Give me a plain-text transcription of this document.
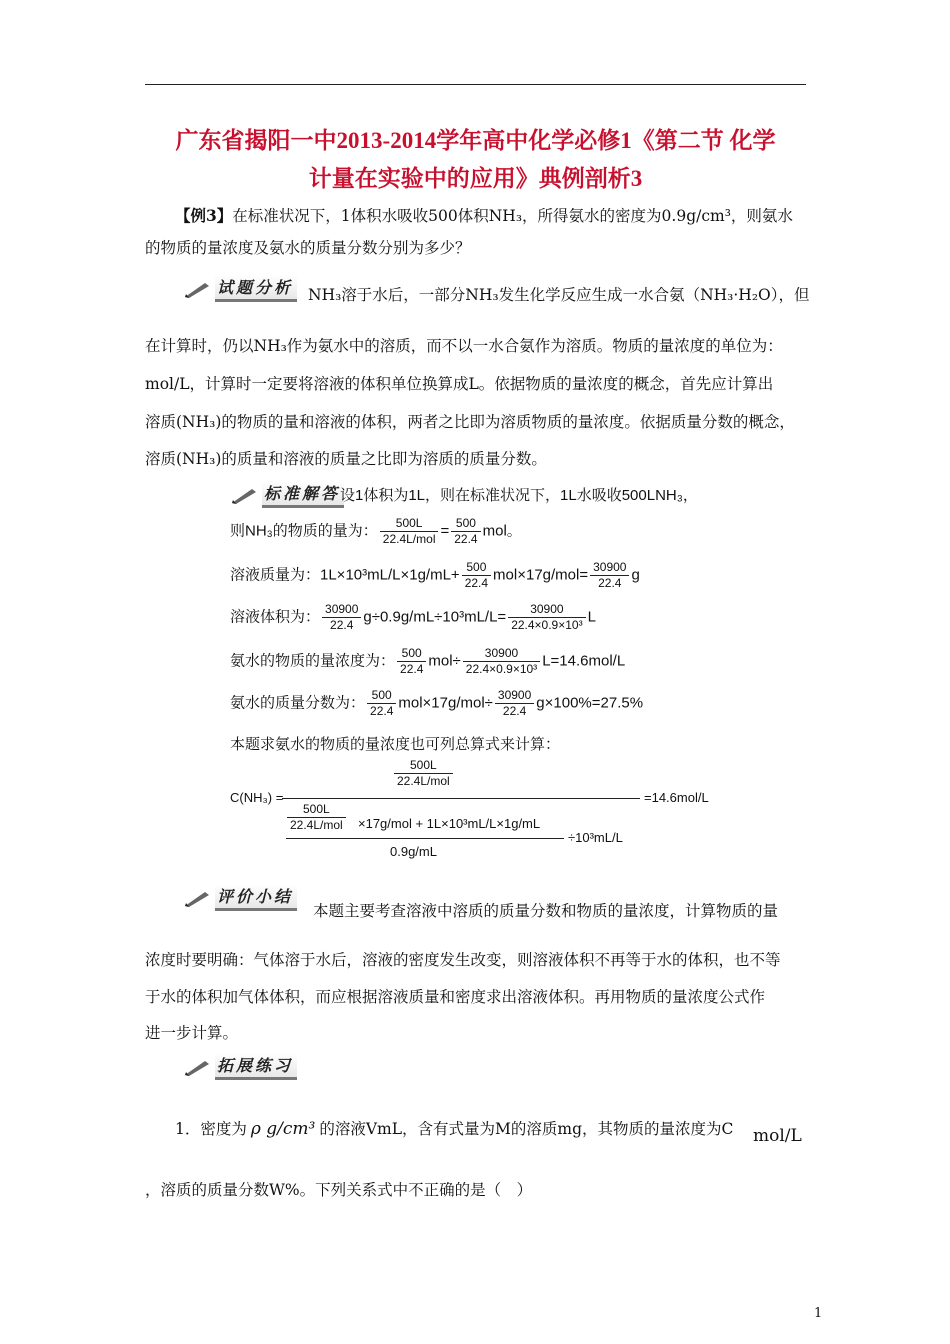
广东省揭阳一中2013-2014学年高中化学必修1《第二节 化学
计量在实验中的应用》典例剖析3
【例3】在标准状况下，1体积水吸收500体积NH₃，所得氨水的密度为0.9g/cm³，则氨水
的物质的量浓度及氨水的质量分数分别为多少？
试题分析 NH₃溶于水后，一部分NH₃发生化学反应生成一水合氨（NH₃·H₂O），但
在计算时，仍以NH₃作为氨水中的溶质，而不以一水合氨作为溶质。物质的量浓度的单位为：
mol/L，计算时一定要将溶液的体积单位换算成L。依据物质的量浓度的概念，首先应计算出
溶质(NH₃)的物质的量和溶液的体积，两者之比即为溶质物质的量浓度。依据质量分数的概念，
溶质(NH₃)的质量和溶液的质量之比即为溶质的质量分数。
标准解答 设1体积为1L，则在标准状况下，1L水吸收500LNH₃，
则NH₃的物质的量为： $\frac{500L}{\text{22.4L/mol}} = \frac{500}{22.4}$ mol。
溶液质量为：$1L\times 10^3mL/L\times 1g/mL+ \frac{500}{22.4} mol\times 17g/mol= \frac{30900}{22.4}$ g
溶液体积为： $\frac{30900}{22.4} g\div 0.9g/mL\div 10^3mL/L= \frac{30900}{\text{22.4×0.9×10³}}$ L
氨水的物质的量浓度为： $\frac{500}{22.4} mol\div \frac{30900}{\text{22.4×0.9×10³}} L=14.6mol/L$
氨水的质量分数为： $\frac{500}{22.4} mol\times 17g/mol\div \frac{30900}{22.4} g\times 100\%=27.5\%$
本题求氨水的物质的量浓度也可列总算式来计算：
C(NH₃) =
500L
22.4L/mol
=14.6mol/L
500L
22.4L/mol ×17g/mol + 1L×10³mL/L×1g/mL
0.9g/mL
÷10³mL/L
评价小结
本题主要考查溶液中溶质的质量分数和物质的量浓度，计算物质的量
浓度时要明确：气体溶于水后，溶液的密度发生改变，则溶液体积不再等于水的体积，也不等
于水的体积加气体体积，而应根据溶液质量和密度求出溶液体积。再用物质的量浓度公式作
进一步计算。
拓展练习
1．密度为 ρ g/cm³ 的溶液VmL，含有式量为M的溶质mg，其物质的量浓度为C mol/L
，溶质的质量分数W%。下列关系式中不正确的是（　）
1
